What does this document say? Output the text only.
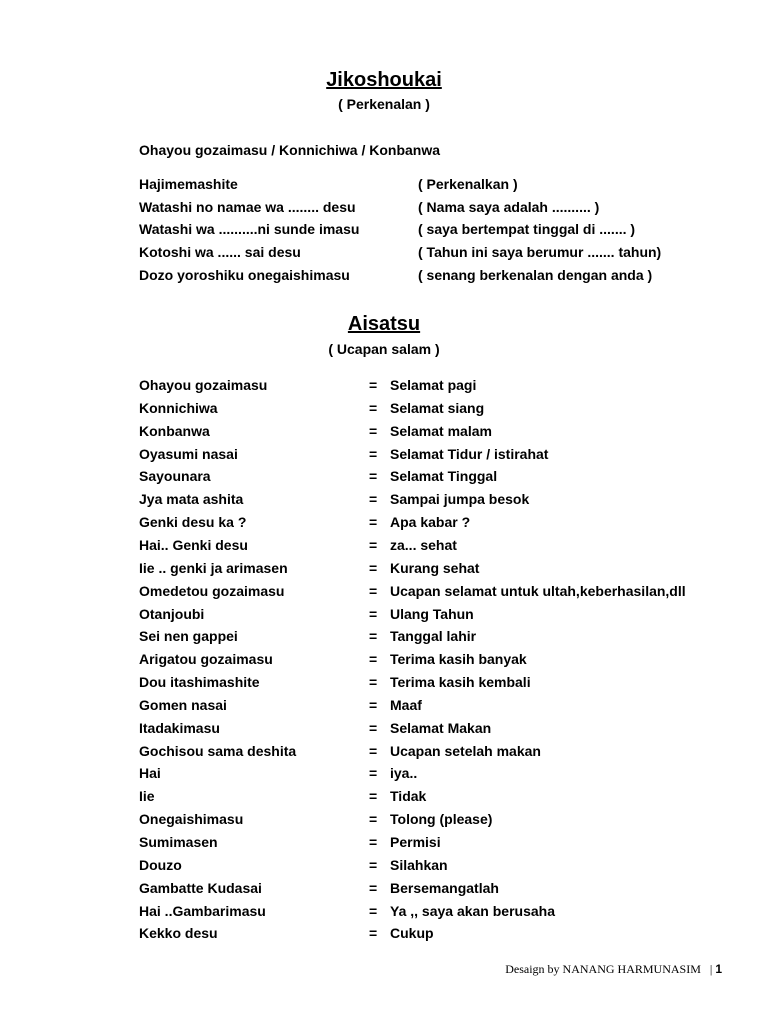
Jikoshoukai
( Perkenalan )
Ohayou gozaimasu / Konnichiwa / Konbanwa
Hajimemashite	( Perkenalkan )
Watashi no namae wa ........ desu	( Nama saya adalah .......... )
Watashi wa ..........ni sunde imasu	( saya bertempat tinggal di ....... )
Kotoshi wa ...... sai desu	( Tahun ini saya berumur ....... tahun)
Dozo yoroshiku onegaishimasu	( senang berkenalan dengan anda )
Aisatsu
( Ucapan salam )
Ohayou gozaimasu	= Selamat pagi
Konnichiwa	= Selamat siang
Konbanwa	= Selamat malam
Oyasumi nasai	= Selamat Tidur / istirahat
Sayounara	= Selamat Tinggal
Jya mata ashita	= Sampai jumpa besok
Genki desu ka ?	= Apa kabar ?
Hai.. Genki desu	= za... sehat
Iie .. genki ja arimasen	= Kurang sehat
Omedetou gozaimasu	= Ucapan selamat untuk ultah,keberhasilan,dll
Otanjoubi	= Ulang Tahun
Sei nen gappei	= Tanggal lahir
Arigatou gozaimasu	= Terima kasih banyak
Dou itashimashite	= Terima kasih kembali
Gomen nasai	= Maaf
Itadakimasu	= Selamat Makan
Gochisou sama deshita	= Ucapan setelah makan
Hai	= iya..
Iie	= Tidak
Onegaishimasu	= Tolong (please)
Sumimasen	= Permisi
Douzo	= Silahkan
Gambatte Kudasai	= Bersemangatlah
Hai ..Gambarimasu	= Ya ,, saya akan berusaha
Kekko desu	= Cukup
Desaign by NANANG HARMUNASIM | 1
